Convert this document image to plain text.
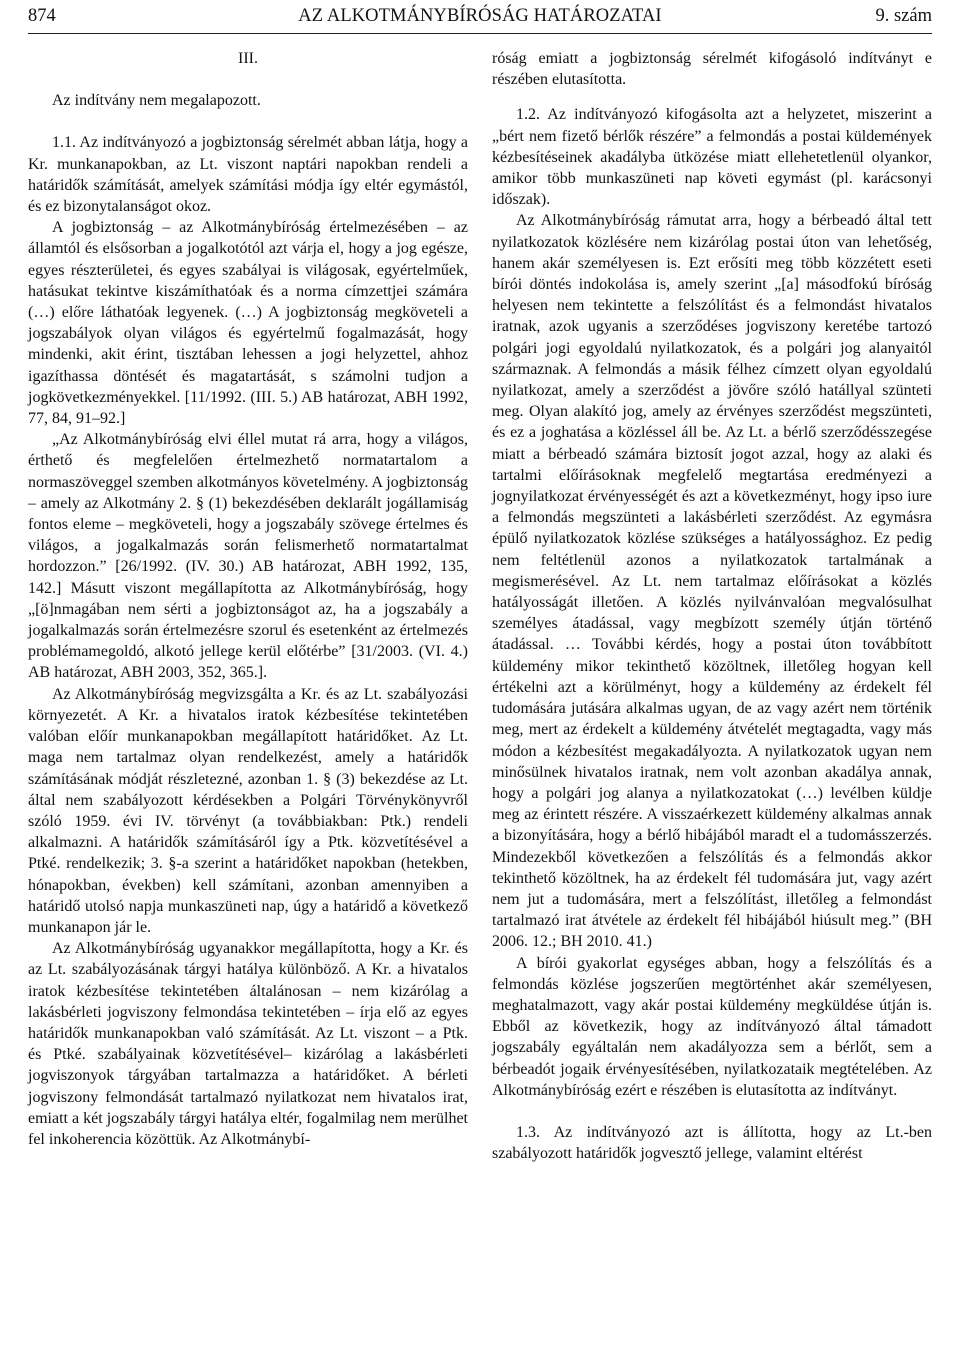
874	AZ ALKOTMÁNYBÍRÓSÁG HATÁROZATAI	9. szám

III.

Az indítvány nem megalapozott.

1.1. Az indítványozó a jogbiztonság sérelmét abban látja, hogy a Kr. munkanapokban, az Lt. viszont naptári napokban rendeli a határidők számítását, amelyek számítási módja így eltér egymástól, és ez bizonytalanságot okoz.

A jogbiztonság – az Alkotmánybíróság értelmezésében – az államtól és elsősorban a jogalkotótól azt várja el, hogy a jog egésze, egyes részterületei, és egyes szabályai is világosak, egyértelműek, hatásukat tekintve kiszámíthatóak és a norma címzettjei számára (…) előre láthatóak legyenek. (…) A jogbiztonság megköveteli a jogszabályok olyan világos és egyértelmű fogalmazását, hogy mindenki, akit érint, tisztában lehessen a jogi helyzettel, ahhoz igazíthassa döntését és magatartását, s számolni tudjon a jogkövetkezményekkel. [11/1992. (III. 5.) AB határozat, ABH 1992, 77, 84, 91–92.]

„Az Alkotmánybíróság elvi éllel mutat rá arra, hogy a világos, érthető és megfelelően értelmezhető normatartalom a normaszöveggel szemben alkotmányos követelmény. A jogbiztonság – amely az Alkotmány 2. § (1) bekezdésében deklarált jogállamiság fontos eleme – megköveteli, hogy a jogszabály szövege értelmes és világos, a jogalkalmazás során felismerhető normatartalmat hordozzon.” [26/1992. (IV. 30.) AB határozat, ABH 1992, 135, 142.] Másutt viszont megállapította az Alkotmánybíróság, hogy „[ö]nmagában nem sérti a jogbiztonságot az, ha a jogszabály a jogalkalmazás során értelmezésre szorul és esetenként az értelmezés problémamegoldó, alkotó jellege kerül előtérbe” [31/2003. (VI. 4.) AB határozat, ABH 2003, 352, 365.].

Az Alkotmánybíróság megvizsgálta a Kr. és az Lt. szabályozási környezetét. A Kr. a hivatalos iratok kézbesítése tekintetében valóban előír munkanapokban megállapított határidőket. Az Lt. maga nem tartalmaz olyan rendelkezést, amely a határidők számításának módját részletezné, azonban 1. § (3) bekezdése az Lt. által nem szabályozott kérdésekben a Polgári Törvénykönyvről szóló 1959. évi IV. törvényt (a továbbiakban: Ptk.) rendeli alkalmazni. A határidők számításáról így a Ptk. közvetítésével a Ptké. rendelkezik; 3. §-a szerint a határidőket napokban (hetekben, hónapokban, években) kell számítani, azonban amennyiben a határidő utolsó napja munkaszüneti nap, úgy a határidő a következő munkanapon jár le.

Az Alkotmánybíróság ugyanakkor megállapította, hogy a Kr. és az Lt. szabályozásának tárgyi hatálya különböző. A Kr. a hivatalos iratok kézbesítése tekintetében általánosan – nem kizárólag a lakásbérleti jogviszony felmondása tekintetében – írja elő az egyes határidők munkanapokban való számítását. Az Lt. viszont – a Ptk. és Ptké. szabályainak közvetítésével– kizárólag a lakásbérleti jogviszonyok tárgyában tartalmazza a határidőket. A bérleti jogviszony felmondását tartalmazó nyilatkozat nem hivatalos irat, emiatt a két jogszabály tárgyi hatálya eltér, fogalmilag nem merülhet fel inkoherencia közöttük. Az Alkotmánybí-

róság emiatt a jogbiztonság sérelmét kifogásoló indítványt e részében elutasította.

1.2. Az indítványozó kifogásolta azt a helyzetet, miszerint a „bért nem fizető bérlők részére” a felmondás a postai küldemények kézbesítéseinek akadályba ütközése miatt ellehetetlenül olyankor, amikor több munkaszüneti nap követi egymást (pl. karácsonyi időszak).

Az Alkotmánybíróság rámutat arra, hogy a bérbeadó által tett nyilatkozatok közlésére nem kizárólag postai úton van lehetőség, hanem akár személyesen is. Ezt erősíti meg több közzétett eseti bírói döntés indokolása is, amely szerint „[a] másodfokú bíróság helyesen nem tekintette a felszólítást és a felmondást hivatalos iratnak, azok ugyanis a szerződéses jogviszony keretébe tartozó polgári jogi egyoldalú nyilatkozatok, és a polgári jog alanyaitól származnak. A felmondás a másik félhez címzett olyan egyoldalú nyilatkozat, amely a szerződést a jövőre szóló hatállyal szünteti meg. Olyan alakító jog, amely az érvényes szerződést megszünteti, és ez a joghatása a közléssel áll be. Az Lt. a bérlő szerződésszegése miatt a bérbeadó számára biztosít jogot azzal, hogy az alaki és tartalmi előírásoknak megfelelő megtartása eredményezi a jognyilatkozat érvényességét és azt a következményt, hogy ipso iure a felmondás megszünteti a lakásbérleti szerződést. Az egymásra épülő nyilatkozatok közlése szükséges a hatályossághoz. Ez pedig nem feltétlenül azonos a nyilatkozatok tartalmának a megismerésével. Az Lt. nem tartalmaz előírásokat a közlés hatályosságát illetően. A közlés nyilvánvalóan megvalósulhat személyes átadással, vagy megbízott személy útján történő átadással. … További kérdés, hogy a postai úton továbbított küldemény mikor tekinthető közöltnek, illetőleg hogyan kell értékelni azt a körülményt, hogy a küldemény az érdekelt fél tudomására jutására alkalmas ugyan, de az vagy azért nem történik meg, mert az érdekelt a küldemény átvételét megtagadta, vagy más módon a kézbesítést megakadályozta. A nyilatkozatok ugyan nem minősülnek hivatalos iratnak, nem volt azonban akadálya annak, hogy a polgári jog alanya a nyilatkozatokat (…) levélben küldje meg az érintett részére. A visszaérkezett küldemény alkalmas annak a bizonyítására, hogy a bérlő hibájából maradt el a tudomásszerzés. Mindezekből következően a felszólítás és a felmondás akkor tekinthető közöltnek, ha az érdekelt fél tudomására jut, vagy azért nem jut a tudomására, mert a felszólítást, illetőleg a felmondást tartalmazó irat átvétele az érdekelt fél hibájából hiúsult meg.” (BH 2006. 12.; BH 2010. 41.)

A bírói gyakorlat egységes abban, hogy a felszólítás és a felmondás közlése jogszerűen megtörténhet akár személyesen, meghatalmazott, vagy akár postai küldemény megküldése útján is. Ebből az következik, hogy az indítványozó által támadott jogszabály egyáltalán nem akadályozza sem a bérlőt, sem a bérbeadót jogaik érvényesítésében, nyilatkozataik megtételében. Az Alkotmánybíróság ezért e részében is elutasította az indítványt.

1.3. Az indítványozó azt is állította, hogy az Lt.-ben szabályozott határidők jogvesztő jellege, valamint eltérést
